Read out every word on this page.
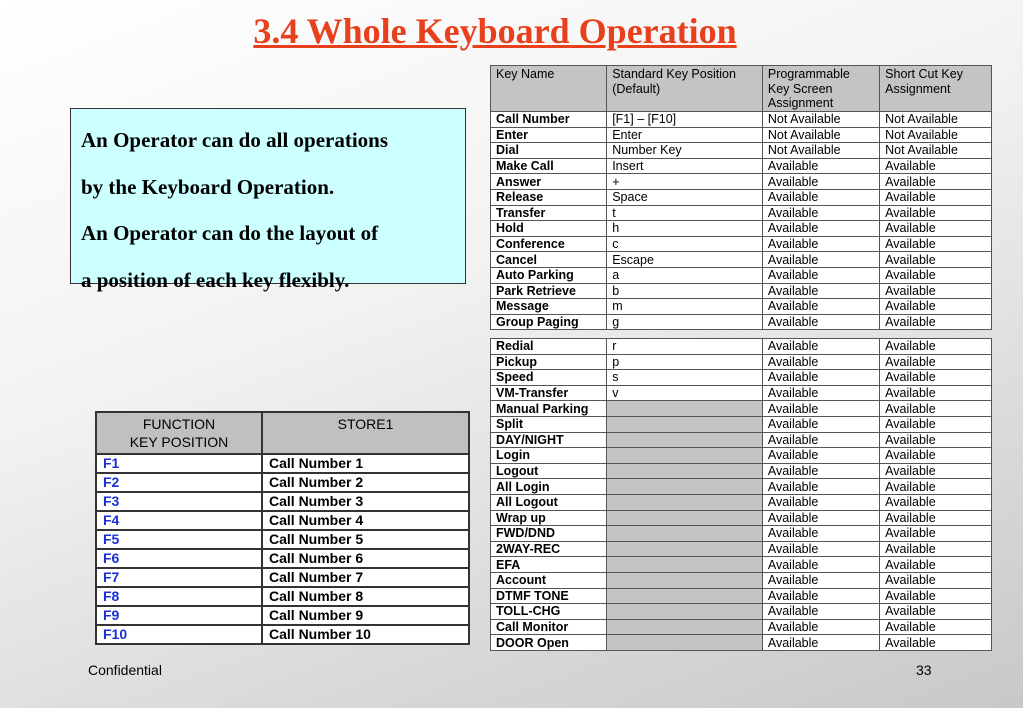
3.4 Whole Keyboard Operation

An Operator can do all operations

by the Keyboard Operation.

An Operator can do the layout of

a position of each key flexibly.

FUNCTION
KEY POSITION	STORE1
F1	Call Number 1
F2	Call Number 2
F3	Call Number 3
F4	Call Number 4
F5	Call Number 5
F6	Call Number 6
F7	Call Number 7
F8	Call Number 8
F9	Call Number 9
F10	Call Number 10
Key Name	Standard Key Position (Default)	Programmable Key Screen Assignment	Short Cut Key Assignment
Call Number	[F1] – [F10]	Not Available	Not Available
Enter	Enter	Not Available	Not Available
Dial	Number Key	Not Available	Not Available
Make Call	Insert	Available	Available
Answer	+	Available	Available
Release	Space	Available	Available
Transfer	t	Available	Available
Hold	h	Available	Available
Conference	c	Available	Available
Cancel	Escape	Available	Available
Auto Parking	a	Available	Available
Park Retrieve	b	Available	Available
Message	m	Available	Available
Group Paging	g	Available	Available
Redial	r	Available	Available
Pickup	p	Available	Available
Speed	s	Available	Available
VM-Transfer	v	Available	Available
Manual Parking		Available	Available
Split		Available	Available
DAY/NIGHT		Available	Available
Login		Available	Available
Logout		Available	Available
All Login		Available	Available
All Logout		Available	Available
Wrap up		Available	Available
FWD/DND		Available	Available
2WAY-REC		Available	Available
EFA		Available	Available
Account		Available	Available
DTMF TONE		Available	Available
TOLL-CHG		Available	Available
Call Monitor		Available	Available
DOOR Open		Available	Available
Confidential	33
